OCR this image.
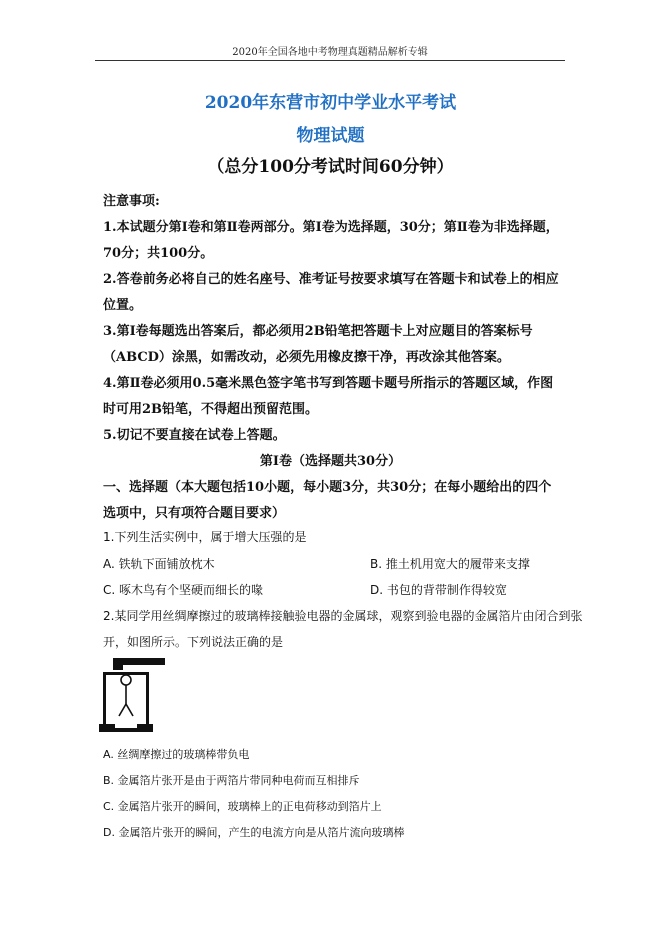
2020年全国各地中考物理真题精品解析专辑
2020年东营市初中学业水平考试
物理试题
（总分100分考试时间60分钟）
注意事项:
1.本试题分第I卷和第Ⅱ卷两部分。第I卷为选择题，30分；第Ⅱ卷为非选择题，
70分；共100分。
2.答卷前务必将自己的姓名座号、准考证号按要求填写在答题卡和试卷上的相应
位置。
3.第Ⅰ卷每题选出答案后，都必须用2B铅笔把答题卡上对应题目的答案标号
（ABCD）涂黑，如需改动，必须先用橡皮擦干净，再改涂其他答案。
4.第Ⅱ卷必须用0.5毫米黑色签字笔书写到答题卡题号所指示的答题区域，作图
时可用2B铅笔，不得超出预留范围。
5.切记不要直接在试卷上答题。
第Ⅰ卷（选择题共30分）
一、选择题（本大题包括10小题，每小题3分，共30分；在每小题给出的四个
选项中，只有项符合题目要求）
1.下列生活实例中，属于增大压强的是
A. 铁轨下面铺放枕木	B. 推土机用宽大的履带来支撑
C. 啄木鸟有个坚硬而细长的喙	D. 书包的背带制作得较宽
2.某同学用丝绸摩擦过的玻璃棒接触验电器的金属球，观察到验电器的金属箔片由闭合到张
开，如图所示。下列说法正确的是
A. 丝绸摩擦过的玻璃棒带负电
B. 金属箔片张开是由于两箔片带同种电荷而互相排斥
C. 金属箔片张开的瞬间，玻璃棒上的正电荷移动到箔片上
D. 金属箔片张开的瞬间，产生的电流方向是从箔片流向玻璃棒
